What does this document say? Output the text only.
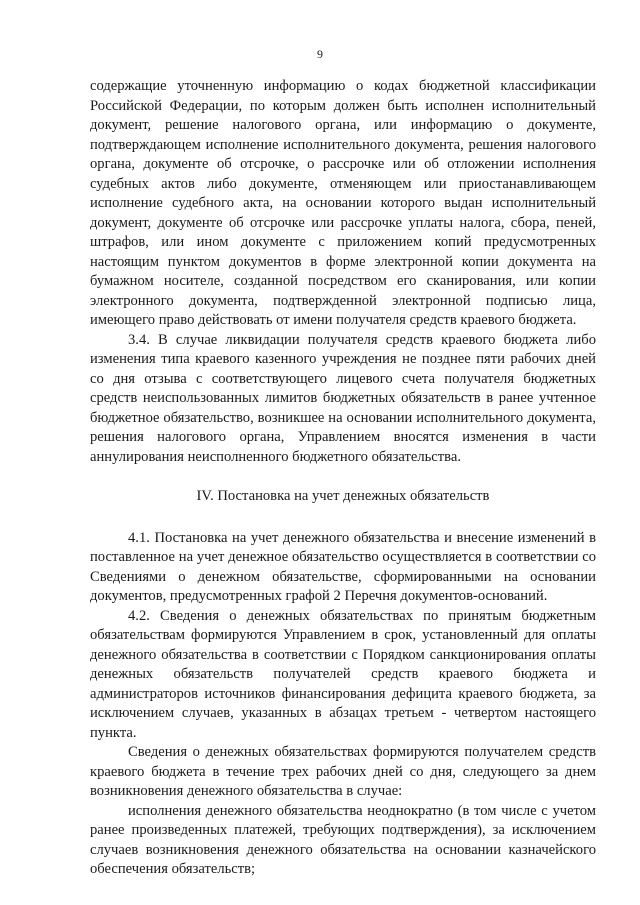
9

содержащие уточненную информацию о кодах бюджетной классификации Российской Федерации, по которым должен быть исполнен исполнительный документ, решение налогового органа, или информацию о документе, подтверждающем исполнение исполнительного документа, решения налогового органа, документе об отсрочке, о рассрочке или об отложении исполнения судебных актов либо документе, отменяющем или приостанавливающем исполнение судебного акта, на основании которого выдан исполнительный документ, документе об отсрочке или рассрочке уплаты налога, сбора, пеней, штрафов, или ином документе с приложением копий предусмотренных настоящим пунктом документов в форме электронной копии документа на бумажном носителе, созданной посредством его сканирования, или копии электронного документа, подтвержденной электронной подписью лица, имеющего право действовать от имени получателя средств краевого бюджета.

3.4. В случае ликвидации получателя средств краевого бюджета либо изменения типа краевого казенного учреждения не позднее пяти рабочих дней со дня отзыва с соответствующего лицевого счета получателя бюджетных средств неиспользованных лимитов бюджетных обязательств в ранее учтенное бюджетное обязательство, возникшее на основании исполнительного документа, решения налогового органа, Управлением вносятся изменения в части аннулирования неисполненного бюджетного обязательства.

IV. Постановка на учет денежных обязательств

4.1. Постановка на учет денежного обязательства и внесение изменений в поставленное на учет денежное обязательство осуществляется в соответствии со Сведениями о денежном обязательстве, сформированными на основании документов, предусмотренных графой 2 Перечня документов-оснований.

4.2. Сведения о денежных обязательствах по принятым бюджетным обязательствам формируются Управлением в срок, установленный для оплаты денежного обязательства в соответствии с Порядком санкционирования оплаты денежных обязательств получателей средств краевого бюджета и администраторов источников финансирования дефицита краевого бюджета, за исключением случаев, указанных в абзацах третьем - четвертом настоящего пункта.

Сведения о денежных обязательствах формируются получателем средств краевого бюджета в течение трех рабочих дней со дня, следующего за днем возникновения денежного обязательства в случае:

исполнения денежного обязательства неоднократно (в том числе с учетом ранее произведенных платежей, требующих подтверждения), за исключением случаев возникновения денежного обязательства на основании казначейского обеспечения обязательств;
